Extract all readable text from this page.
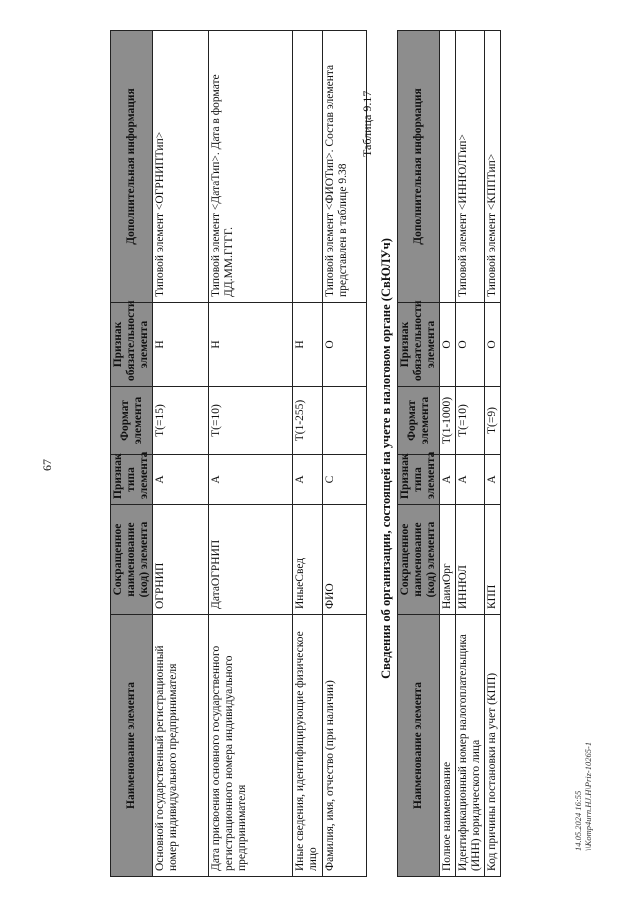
67
Наименование элемента	Сокращенное наименование (код) элемента	Признак типа элемента	Формат элемента	Признак обязательности элемента	Дополнительная информация
Основной государственный регистрационный номер индивидуального предпринимателя	ОГРНИП	А	T(=15)	Н	Типовой элемент <ОГРНИПТип>
Дата присвоения основного государственного регистрационного номера индивидуального предпринимателя	ДатаОГРНИП	А	T(=10)	Н	Типовой элемент <ДатаТип>. Дата в формате ДД.ММ.ГГГГ.
Иные сведения, идентифицирующие физическое лицо	ИныеСвед	А	T(1-255)	Н	
Фамилия, имя, отчество (при наличии)	ФИО	С		О	Типовой элемент <ФИОТип>. Состав элемента представлен в таблице 9.38
Таблица 9.17
Сведения об организации, состоящей на учете в налоговом органе (СвЮЛУч)
Наименование элемента	Сокращенное наименование (код) элемента	Признак типа элемента	Формат элемента	Признак обязательности элемента	Дополнительная информация
Полное наименование	НаимОрг	А	T(1-1000)	О	
Идентификационный номер налогоплательщика (ИНН) юридического лица	ИННЮЛ	А	T(=10)	О	Типовой элемент <ИННЮЛТип>
Код причины постановки на учет (КПП)	КПП	А	T(=9)	О	Типовой элемент <КППТип>
14.05.2024 16:55 \\Komp4urn.HJ.H\Priz-10265-1
